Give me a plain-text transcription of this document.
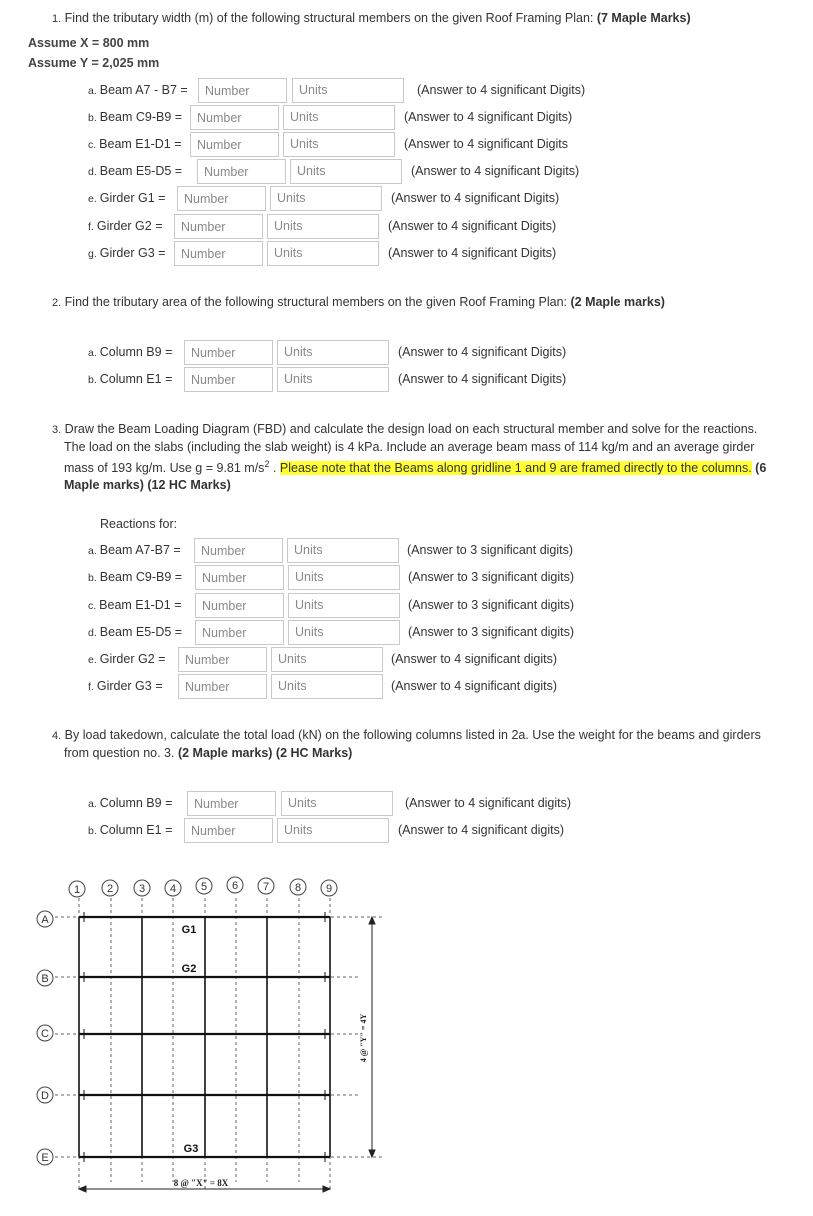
1. Find the tributary width (m) of the following structural members on the given Roof Framing Plan: (7 Maple Marks)
Assume X = 800 mm
Assume Y = 2,025 mm
a. Beam A7 - B7 =
Number	Units	(Answer to 4 significant Digits)
b. Beam C9-B9 =
Number	Units	(Answer to 4 significant Digits)
c. Beam E1-D1 =
Number	Units	(Answer to 4 significant Digits
d. Beam E5-D5 =
Number	Units	(Answer to 4 significant Digits)
e. Girder G1 =
Number	Units	(Answer to 4 significant Digits)
f. Girder G2 =
Number	Units	(Answer to 4 significant Digits)
g. Girder G3 =
Number	Units	(Answer to 4 significant Digits)
2. Find the tributary area of the following structural members on the given Roof Framing Plan: (2 Maple marks)
a. Column B9 =
Number	Units	(Answer to 4 significant Digits)
b. Column E1 =
Number	Units	(Answer to 4 significant Digits)
3. Draw the Beam Loading Diagram (FBD) and calculate the design load on each structural member and solve for the reactions.
The load on the slabs (including the slab weight) is 4 kPa. Include an average beam mass of 114 kg/m and an average girder
mass of 193 kg/m. Use g = 9.81 $m/s^2$ . Please note that the Beams along gridline 1 and 9 are framed directly to the columns. (6
Maple marks) (12 HC Marks)
Reactions for:
a. Beam A7-B7 =
Number	Units	(Answer to 3 significant digits)
b. Beam C9-B9 =
Number	Units	(Answer to 3 significant digits)
c. Beam E1-D1 =
Number	Units	(Answer to 3 significant digits)
d. Beam E5-D5 =
Number	Units	(Answer to 3 significant digits)
e. Girder G2 =
Number	Units	(Answer to 4 significant digits)
f. Girder G3 =
Number	Units	(Answer to 4 significant digits)
4. By load takedown, calculate the total load (kN) on the following columns listed in 2a. Use the weight for the beams and girders
from question no. 3. (2 Maple marks) (2 HC Marks)
a. Column B9 =
Number	Units	(Answer to 4 significant digits)
b. Column E1 =
Number	Units	(Answer to 4 significant digits)
1 2 3 4 5 6 7 8 9
A
B
C
D
E
G1
G2
G3
8 @ "X" = 8X
4 @ "Y" = 4Y
